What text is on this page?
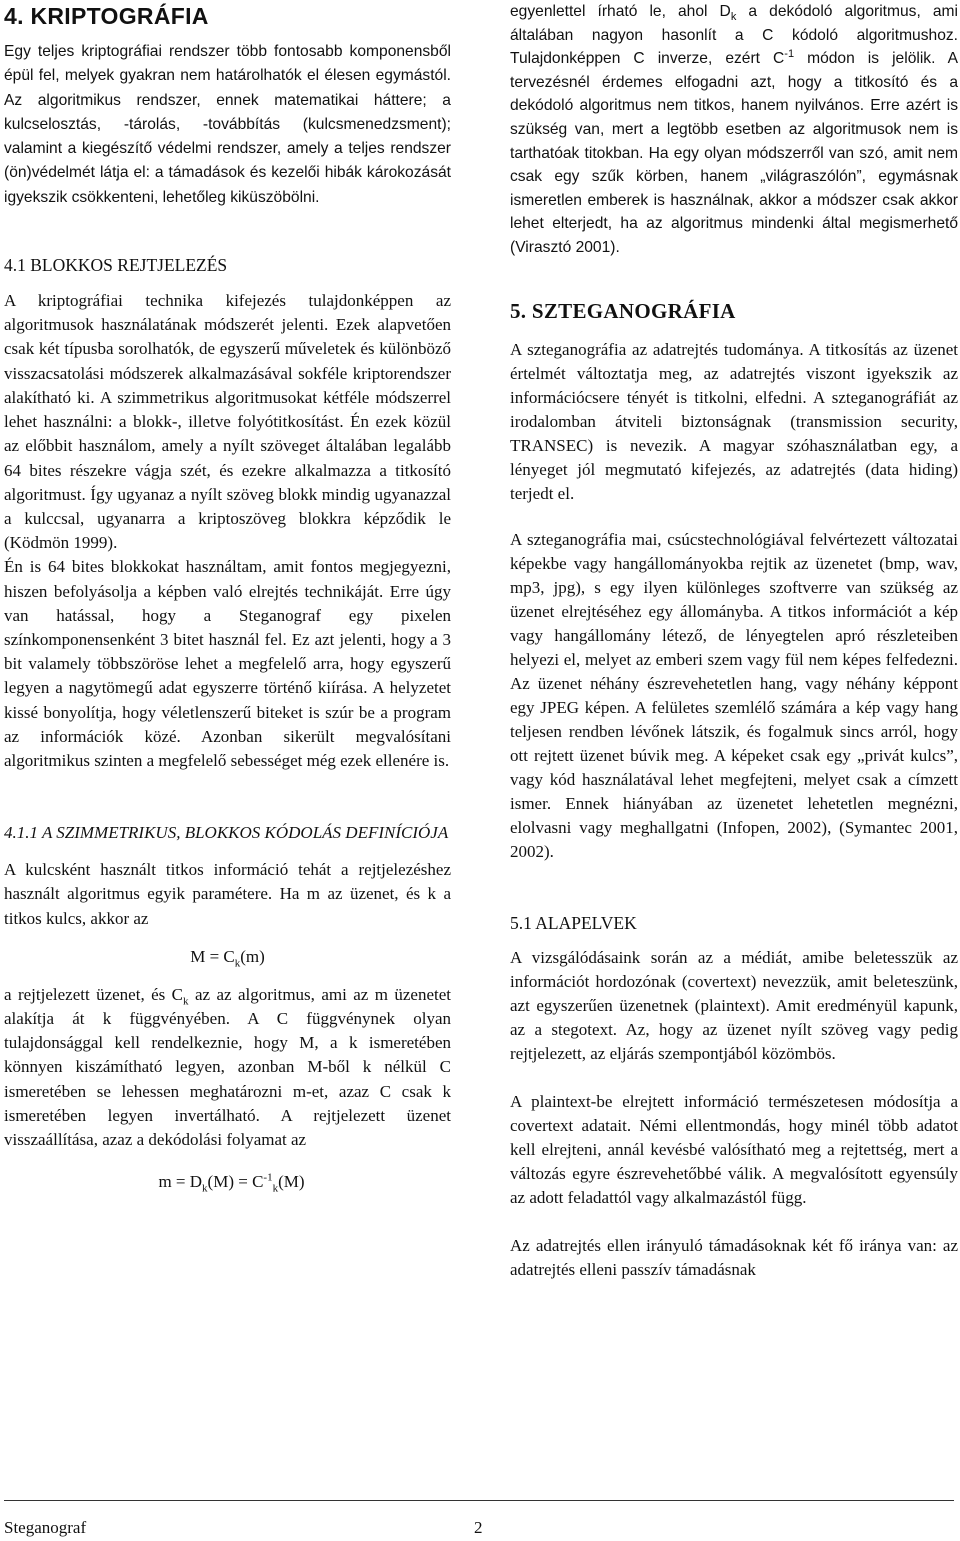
4. KRIPTOGRÁFIA

Egy teljes kriptográfiai rendszer több fontosabb komponensből épül fel, melyek gyakran nem határolhatók el élesen egymástól. Az algoritmikus rendszer, ennek matematikai háttere; a kulcselosztás, -tárolás, -továbbítás (kulcsmenedzsment); valamint a kiegészítő védelmi rendszer, amely a teljes rendszer (ön)védelmét látja el: a támadások és kezelői hibák károkozását igyekszik csökkenteni, lehetőleg kiküszöbölni.

4.1 BLOKKOS REJTJELEZÉS

A kriptográfiai technika kifejezés tulajdonképpen az algoritmusok használatának módszerét jelenti. Ezek alapvetően csak két típusba sorolhatók, de egyszerű műveletek és különböző visszacsatolási módszerek alkalmazásával sokféle kriptorendszer alakítható ki. A szimmetrikus algoritmusokat kétféle módszerrel lehet használni: a blokk-, illetve folyótitkosítást. Én ezek közül az előbbit használom, amely a nyílt szöveget általában legalább 64 bites részekre vágja szét, és ezekre alkalmazza a titkosító algoritmust. Így ugyanaz a nyílt szöveg blokk mindig ugyanazzal a kulccsal, ugyanarra a kriptoszöveg blokkra képződik le (Ködmön 1999).

Én is 64 bites blokkokat használtam, amit fontos megjegyezni, hiszen befolyásolja a képben való elrejtés technikáját. Erre úgy van hatással, hogy a Steganograf egy pixelen színkomponensenként 3 bitet használ fel. Ez azt jelenti, hogy a 3 bit valamely többszöröse lehet a megfelelő arra, hogy egyszerű legyen a nagytömegű adat egyszerre történő kiírása. A helyzetet kissé bonyolítja, hogy véletlenszerű biteket is szúr be a program az információk közé. Azonban sikerült megvalósítani algoritmikus szinten a megfelelő sebességet még ezek ellenére is.

4.1.1 A SZIMMETRIKUS, BLOKKOS KÓDOLÁS DEFINÍCIÓJA

A kulcsként használt titkos információ tehát a rejtjelezéshez használt algoritmus egyik paramétere. Ha m az üzenet, és k a titkos kulcs, akkor az

$M = C_k(m)$

a rejtjelezett üzenet, és $C_k$ az az algoritmus, ami az m üzenetet alakítja át k függvényében. A C függvénynek olyan tulajdonsággal kell rendelkeznie, hogy M, a k ismeretében könnyen kiszámítható legyen, azonban M-ből k nélkül C ismeretében se lehessen meghatározni m-et, azaz C csak k ismeretében legyen invertálható. A rejtjelezett üzenet visszaállítása, azaz a dekódolási folyamat az

$m = D_k(M) = C^{-1}_k(M)$

egyenlettel írható le, ahol $D_k$ a dekódoló algoritmus, ami általában nagyon hasonlít a C kódoló algoritmushoz. Tulajdonképpen C inverze, ezért $C^{-1}$ módon is jelölik. A tervezésnél érdemes elfogadni azt, hogy a titkosító és a dekódoló algoritmus nem titkos, hanem nyilvános. Erre azért is szükség van, mert a legtöbb esetben az algoritmusok nem is tarthatóak titokban. Ha egy olyan módszerről van szó, amit nem csak egy szűk körben, hanem „világraszólón”, egymásnak ismeretlen emberek is használnak, akkor a módszer csak akkor lehet elterjedt, ha az algoritmus mindenki által megismerhető (Virasztó 2001).

5. SZTEGANOGRÁFIA

A szteganográfia az adatrejtés tudománya. A titkosítás az üzenet értelmét változtatja meg, az adatrejtés viszont igyekszik az információcsere tényét is titkolni, elfedni. A szteganográfiát az irodalomban átviteli biztonságnak (transmission security, TRANSEC) is nevezik. A magyar szóhasználatban egy, a lényeget jól megmutató kifejezés, az adatrejtés (data hiding) terjedt el.

A szteganográfia mai, csúcstechnológiával felvértezett változatai képekbe vagy hangállományokba rejtik az üzenetet (bmp, wav, mp3, jpg), s egy ilyen különleges szoftverre van szükség az üzenet elrejtéséhez egy állományba. A titkos információt a kép vagy hangállomány létező, de lényegtelen apró részleteiben helyezi el, melyet az emberi szem vagy fül nem képes felfedezni. Az üzenet néhány észrevehetetlen hang, vagy néhány képpont egy JPEG képen. A felületes szemlélő számára a kép vagy hang teljesen rendben lévőnek látszik, és fogalmuk sincs arról, hogy ott rejtett üzenet búvik meg. A képeket csak egy „privát kulcs”, vagy kód használatával lehet megfejteni, melyet csak a címzett ismer. Ennek hiányában az üzenetet lehetetlen megnézni, elolvasni vagy meghallgatni (Infopen, 2002), (Symantec 2001, 2002).

5.1 ALAPELVEK

A vizsgálódásaink során az a médiát, amibe beletesszük az információt hordozónak (covertext) nevezzük, amit beleteszünk, azt egyszerűen üzenetnek (plaintext). Amit eredményül kapunk, az a stegotext. Az, hogy az üzenet nyílt szöveg vagy pedig rejtjelezett, az eljárás szempontjából közömbös.

A plaintext-be elrejtett információ természetesen módosítja a covertext adatait. Némi ellentmondás, hogy minél több adatot kell elrejteni, annál kevésbé valósítható meg a rejtettség, mert a változás egyre észrevehetőbbé válik. A megvalósított egyensúly az adott feladattól vagy alkalmazástól függ.

Az adatrejtés ellen irányuló támadásoknak két fő iránya van: az adatrejtés elleni passzív támadásnak

Steganograf	2
